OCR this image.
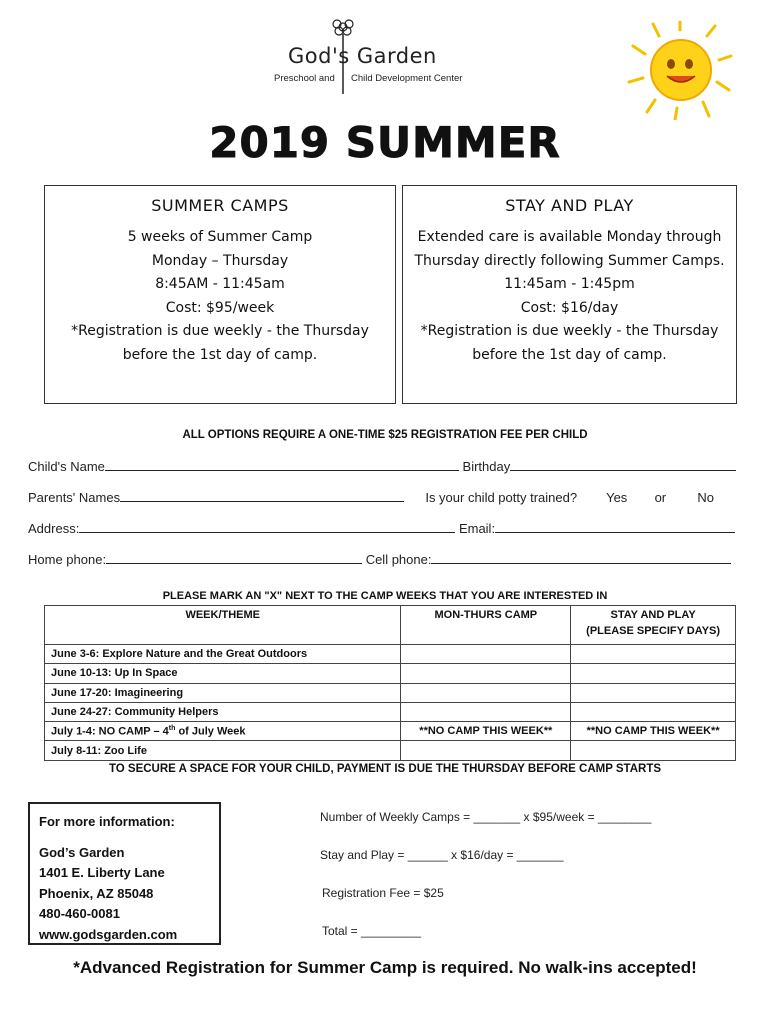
God's Garden
Preschool and Child Development Center
2019 SUMMER
SUMMER CAMPS
5 weeks of Summer Camp
Monday – Thursday
8:45AM - 11:45am
Cost: $95/week
*Registration is due weekly - the Thursday
before the 1st day of camp.
STAY AND PLAY
Extended care is available Monday through
Thursday directly following Summer Camps.
11:45am - 1:45pm
Cost: $16/day
*Registration is due weekly - the Thursday
before the 1st day of camp.
ALL OPTIONS REQUIRE A ONE-TIME $25 REGISTRATION FEE PER CHILD
Child's Name	Birthday
Parents' Names	Is your child potty trained? Yes or No
Address:	Email:
Home phone:	Cell phone:
PLEASE MARK AN "X" NEXT TO THE CAMP WEEKS THAT YOU ARE INTERESTED IN
WEEK/THEME	MON-THURS CAMP	STAY AND PLAY
(PLEASE SPECIFY DAYS)

June 3-6: Explore Nature and the Great Outdoors		
June 10-13: Up In Space		
June 17-20: Imagineering		
June 24-27: Community Helpers		
July 1-4: NO CAMP – 4th of July Week	**NO CAMP THIS WEEK**	**NO CAMP THIS WEEK**
July 8-11: Zoo Life		
TO SECURE A SPACE FOR YOUR CHILD, PAYMENT IS DUE THE THURSDAY BEFORE CAMP STARTS
For more information:
God’s Garden
1401 E. Liberty Lane
Phoenix, AZ 85048
480-460-0081
www.godsgarden.com
Number of Weekly Camps = _______ x $95/week = ________
Stay and Play = ______ x $16/day = _______
Registration Fee = $25
Total = _________
*Advanced Registration for Summer Camp is required. No walk-ins accepted!
